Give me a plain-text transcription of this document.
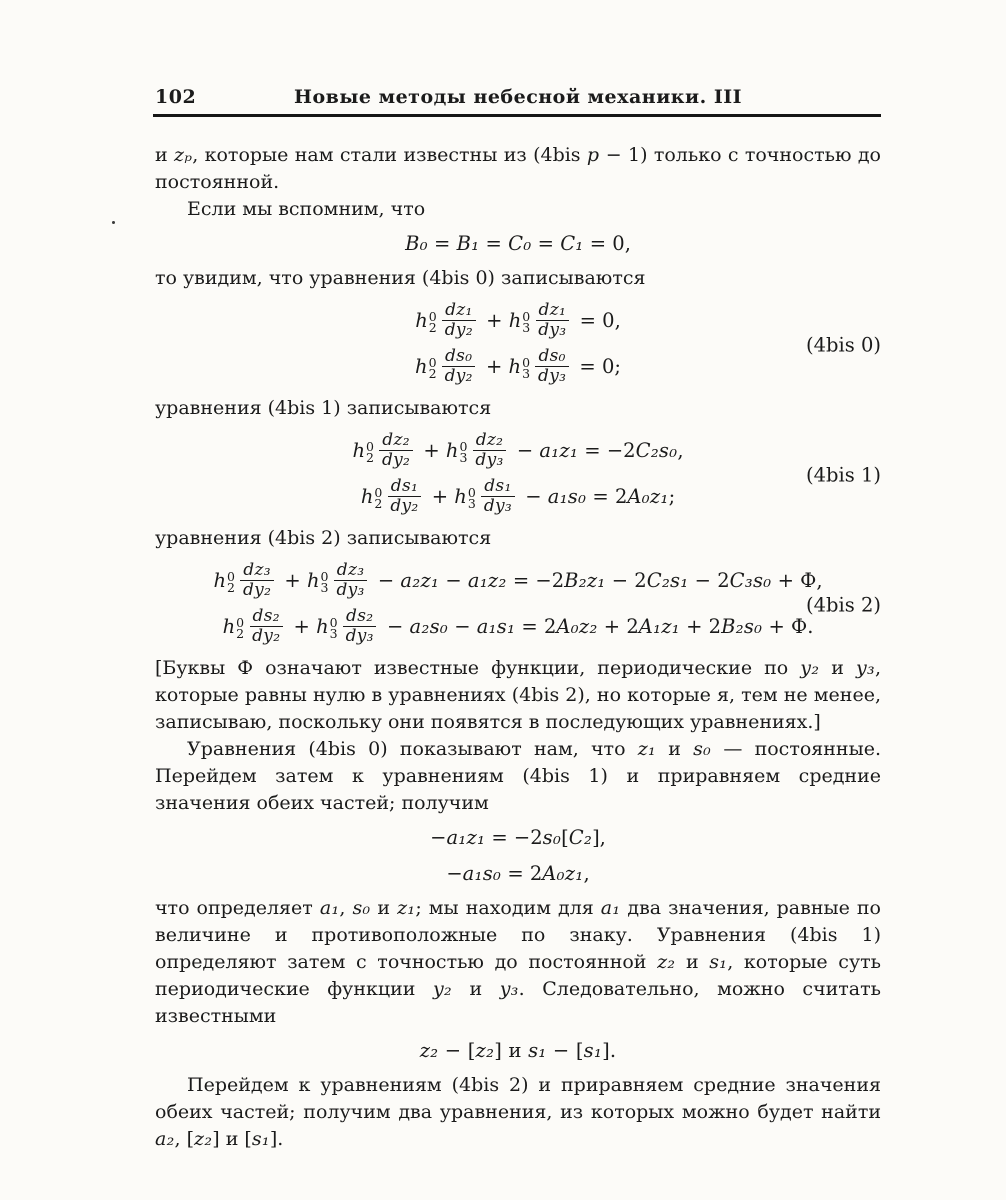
102	Новые методы небесной механики. III

и zₚ, которые нам стали известны из (4bis p − 1) только с точностью до постоянной.

Если мы вспомним, что

B₀ = B₁ = C₀ = C₁ = 0,

то увидим, что уравнения (4bis 0) записываются

h 0
$2 \frac{\text{dz₁}}{\text{dy₂}} + h$ 0
$3 \frac{\text{dz₁}}{\text{dy₃}} = 0$,
h 0
$2 \frac{\text{ds₀}}{\text{dy₂}} + h$ 0
$3 \frac{\text{ds₀}}{\text{dy₃}} = 0$;
(4bis 0)

уравнения (4bis 1) записываются

h 0
$2 \frac{\text{dz₂}}{\text{dy₂}} + h$ 0
$3 \frac{\text{dz₂}}{\text{dy₃}} - a_1z_1 = -2C_2s_0$,
h 0
$2 \frac{\text{ds₁}}{\text{dy₂}} + h$ 0
$3 \frac{\text{ds₁}}{\text{dy₃}} - a_1s_0 = 2A_0z_1$;
(4bis 1)

уравнения (4bis 2) записываются

h 0
$2 \frac{\text{dz₃}}{\text{dy₂}} + h$ 0
$3 \frac{\text{dz₃}}{\text{dy₃}} - a_2z_1 - a_1z_2 = -2B_2z_1 - 2C_2s_1 - 2C_3s_0 + Ф$,
h 0
$2 \frac{\text{ds₂}}{\text{dy₂}} + h$ 0
$3 \frac{\text{ds₂}}{\text{dy₃}} - a_2s_0 - a_1s_1 = 2A_0z_2 + 2A_1z_1 + 2B_2s_0 + Ф$.
(4bis 2)

[Буквы Ф означают известные функции, периодические по y₂ и y₃, которые равны нулю в уравнениях (4bis 2), но которые я, тем не менее, записываю, поскольку они появятся в последующих уравнениях.]

Уравнения (4bis 0) показывают нам, что z₁ и s₀ — постоянные. Перейдем затем к уравнениям (4bis 1) и приравняем средние значения обеих частей; получим

−a₁z₁ = −2s₀[C₂],
−a₁s₀ = 2A₀z₁,

что определяет a₁, s₀ и z₁; мы находим для a₁ два значения, равные по величине и противоположные по знаку. Уравнения (4bis 1) определяют затем с точностью до постоянной z₂ и s₁, которые суть периодические функции y₂ и y₃. Следовательно, можно считать известными

z₂ − [z₂] и s₁ − [s₁].

Перейдем к уравнениям (4bis 2) и приравняем средние значения обеих частей; получим два уравнения, из которых можно будет найти a₂, [z₂] и [s₁].
